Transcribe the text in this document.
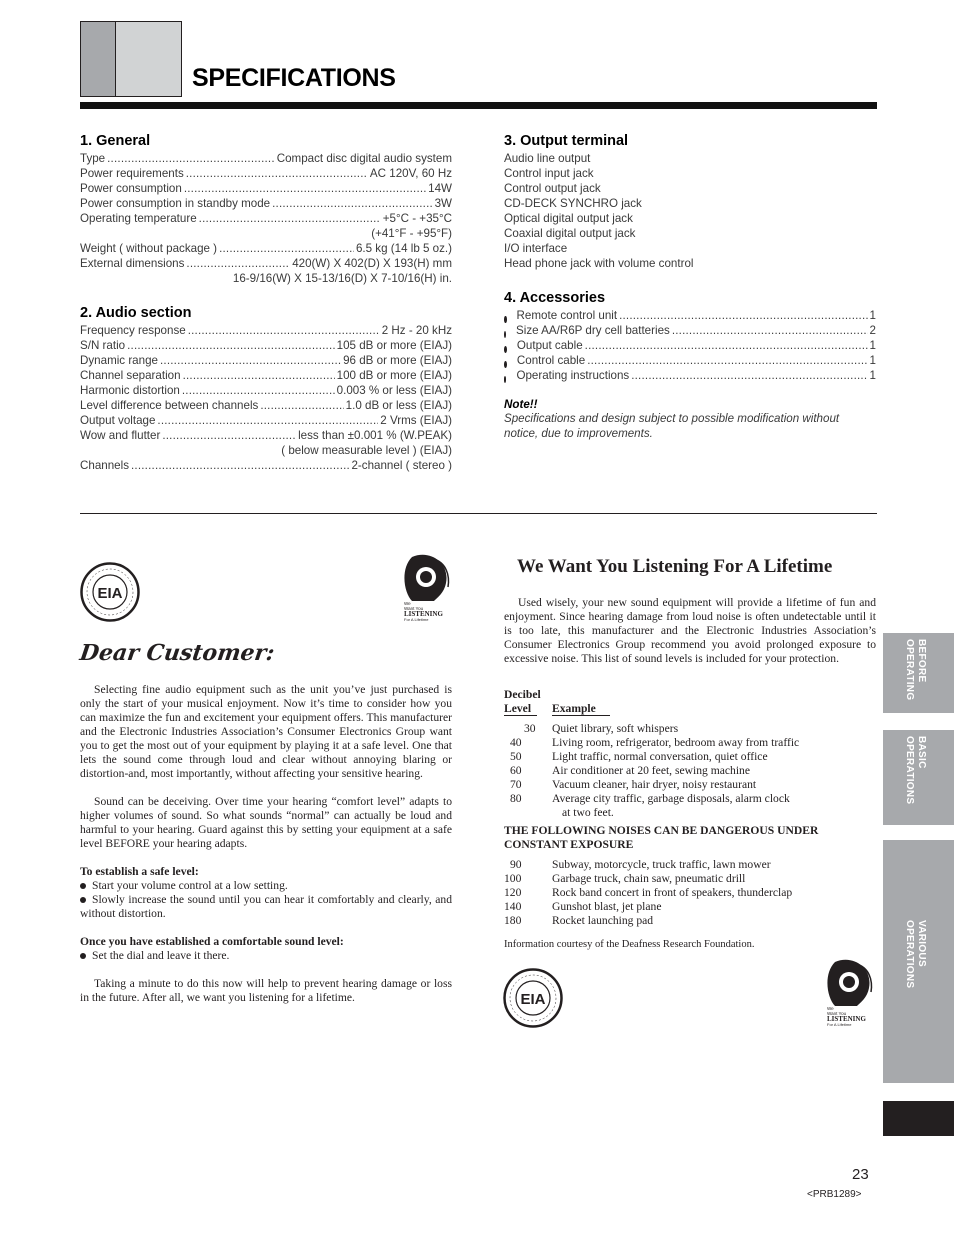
SPECIFICATIONS
1. General
Type .....	Compact disc digital audio system
Power requirements .....	AC 120V, 60 Hz
Power consumption .....	14W
Power consumption in standby mode .....	3W
Operating temperature .....	+5°C - +35°C
(+41°F - +95°F)
Weight ( without package ) .....	6.5 kg (14 lb 5 oz.)
External dimensions .....	420(W) X 402(D) X 193(H) mm
16-9/16(W) X 15-13/16(D) X 7-10/16(H) in.
2. Audio section
Frequency response .....	2 Hz - 20 kHz
S/N ratio .....	105 dB or more (EIAJ)
Dynamic range .....	96 dB or more (EIAJ)
Channel separation .....	100 dB or more (EIAJ)
Harmonic distortion .....	0.003 % or less (EIAJ)
Level difference between channels .....	1.0 dB or less (EIAJ)
Output voltage .....	2 Vrms (EIAJ)
Wow and flutter .....	less than ±0.001 % (W.PEAK)
( below measurable level ) (EIAJ)
Channels .....	2-channel ( stereo )
3. Output terminal
Audio line output
Control input jack
Control output jack
CD-DECK SYNCHRO jack
Optical digital output jack
Coaxial digital output jack
I/O interface
Head phone jack with volume control
4. Accessories
Remote control unit .....	1
Size AA/R6P dry cell batteries .....	2
Output cable .....	1
Control cable .....	1
Operating instructions .....	1
Note!!
Specifications and design subject to possible modification without
notice, due to improvements.
EIA
We
Want You
LISTENING
For A Lifetime
Dear Customer:

Selecting fine audio equipment such as the unit you’ve just purchased is only the start of your musical enjoyment. Now it’s time to consider how you can maximize the fun and excitement your equipment offers. This manufacturer and the Electronic Industries Association’s Consumer Electronics Group want you to get the most out of your equipment by playing it at a safe level. One that lets the sound come through loud and clear without annoying blaring or distortion-and, most importantly, without affecting your sensitive hearing.

Sound can be deceiving. Over time your hearing “comfort level” adapts to higher volumes of sound. So what sounds “normal” can actually be loud and harmful to your hearing. Guard against this by setting your equipment at a safe level BEFORE your hearing adapts.

To establish a safe level:

Start your volume control at a low setting.

Slowly increase the sound until you can hear it comfortably and clearly, and without distortion.

Once you have established a comfortable sound level:

Set the dial and leave it there.

Taking a minute to do this now will help to prevent hearing damage or loss in the future. After all, we want you listening for a lifetime.

We Want You Listening For A Lifetime

Used wisely, your new sound equipment will provide a lifetime of fun and enjoyment. Since hearing damage from loud noise is often undetectable until it is too late, this manufacturer and the Electronic Industries Association’s Consumer Electronics Group recommend you avoid prolonged exposure to excessive noise. This list of sound levels is included for your protection.

Decibel
Level	Example
30	Quiet library, soft whispers
40	Living room, refrigerator, bedroom away from traffic
50	Light traffic, normal conversation, quiet office
60	Air conditioner at 20 feet, sewing machine
70	Vacuum cleaner, hair dryer, noisy restaurant
80	Average city traffic, garbage disposals, alarm clock
at two feet.
THE FOLLOWING NOISES CAN BE DANGEROUS UNDER CONSTANT EXPOSURE
90	Subway, motorcycle, truck traffic, lawn mower
100	Garbage truck, chain saw, pneumatic drill
120	Rock band concert in front of speakers, thunderclap
140	Gunshot blast, jet plane
180	Rocket launching pad
Information courtesy of the Deafness Research Foundation.
EIA
We
Want You
LISTENING
For A Lifetime
BEFORE
OPERATING
BASIC
OPERATIONS
VARIOUS
OPERATIONS
23
<PRB1289>
